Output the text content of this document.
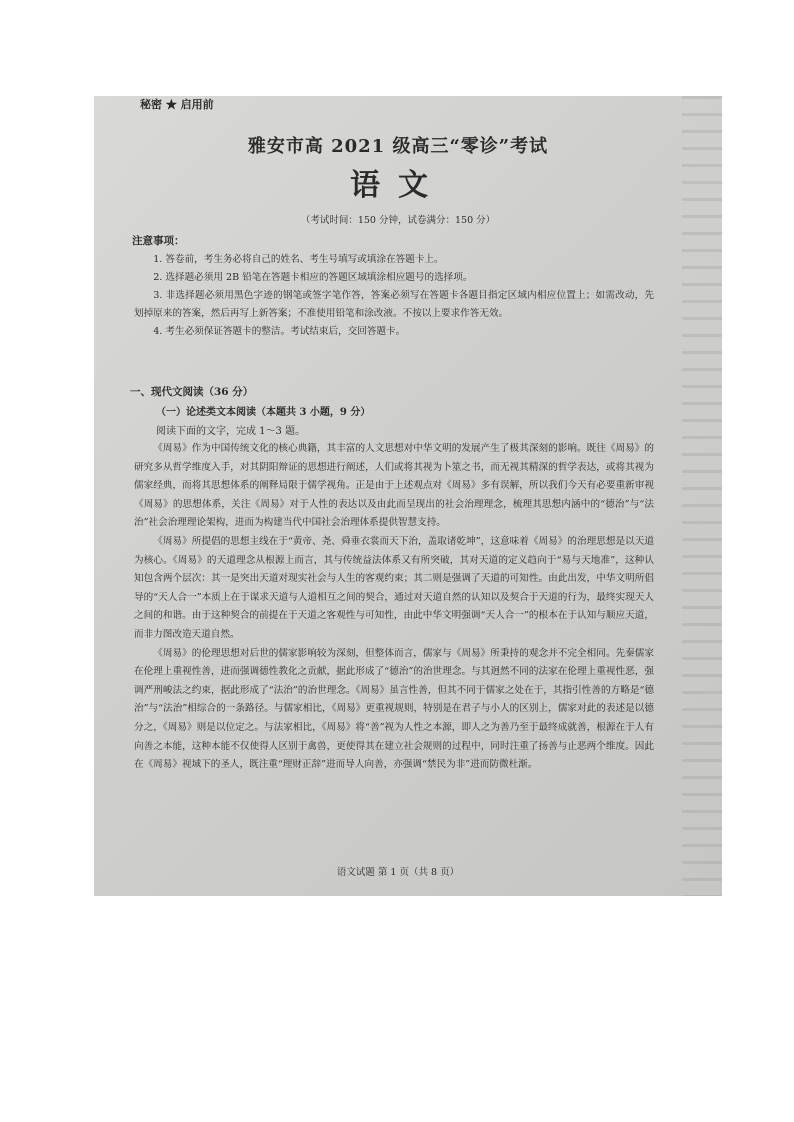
秘密 ★ 启用前
雅安市高 2021 级高三“零诊”考试
语文
（考试时间：150 分钟，试卷满分：150 分）
注意事项：

1. 答卷前，考生务必将自己的姓名、考生号填写或填涂在答题卡上。

2. 选择题必须用 2B 铅笔在答题卡相应的答题区域填涂相应题号的选择项。

3. 非选择题必须用黑色字迹的钢笔或签字笔作答，答案必须写在答题卡各题目指定区域内相应位置上；如需改动，先划掉原来的答案，然后再写上新答案；不准使用铅笔和涂改液。不按以上要求作答无效。

4. 考生必须保证答题卡的整洁。考试结束后，交回答题卡。

一、现代文阅读（36 分）
（一）论述类文本阅读（本题共 3 小题，9 分）
阅读下面的文字，完成 1～3 题。

《周易》作为中国传统文化的核心典籍，其丰富的人文思想对中华文明的发展产生了极其深刻的影响。既往《周易》的研究多从哲学维度入手，对其阴阳辩证的思想进行阐述，人们或将其视为卜筮之书，而无视其精深的哲学表达，或将其视为儒家经典，而将其思想体系的阐释局限于儒学视角。正是由于上述观点对《周易》多有误解，所以我们今天有必要重新审视《周易》的思想体系，关注《周易》对于人性的表达以及由此而呈现出的社会治理理念，梳理其思想内涵中的“德治”与“法治”社会治理理论架构，进而为构建当代中国社会治理体系提供智慧支持。

《周易》所提倡的思想主线在于“黄帝、尧、舜垂衣裳而天下治，盖取诸乾坤”，这意味着《周易》的治理思想是以天道为核心。《周易》的天道理念从根源上而言，其与传统益法体系又有所突破，其对天道的定义趋向于“易与天地准”，这种认知包含两个层次：其一是突出天道对现实社会与人生的客观约束；其二则是强调了天道的可知性。由此出发，中华文明所倡导的“天人合一”本质上在于谋求天道与人道相互之间的契合，通过对天道自然的认知以及契合于天道的行为，最终实现天人之间的和谐。由于这种契合的前提在于天道之客观性与可知性，由此中华文明强调“天人合一”的根本在于认知与顺应天道，而非力图改造天道自然。

《周易》的伦理思想对后世的儒家影响较为深刻，但整体而言，儒家与《周易》所秉持的观念并不完全相同。先秦儒家在伦理上重视性善，进而强调德性教化之贡献，据此形成了“德治”的治世理念。与其迥然不同的法家在伦理上重视性恶，强调严刑峻法之约束，据此形成了“法治”的治世理念。《周易》虽言性善，但其不同于儒家之处在于，其指引性善的方略是“德治”与“法治”相综合的一条路径。与儒家相比，《周易》更重视规则，特别是在君子与小人的区别上，儒家对此的表述是以德分之，《周易》则是以位定之。与法家相比，《周易》将“善”视为人性之本源，即人之为善乃至于最终成就善，根源在于人有向善之本能，这种本能不仅使得人区别于禽兽，更使得其在建立社会规则的过程中，同时注重了扬善与止恶两个维度。因此在《周易》视域下的圣人，既注重“理财正辞”进而导人向善，亦强调“禁民为非”进而防微杜渐。

语文试题 第 1 页（共 8 页）
